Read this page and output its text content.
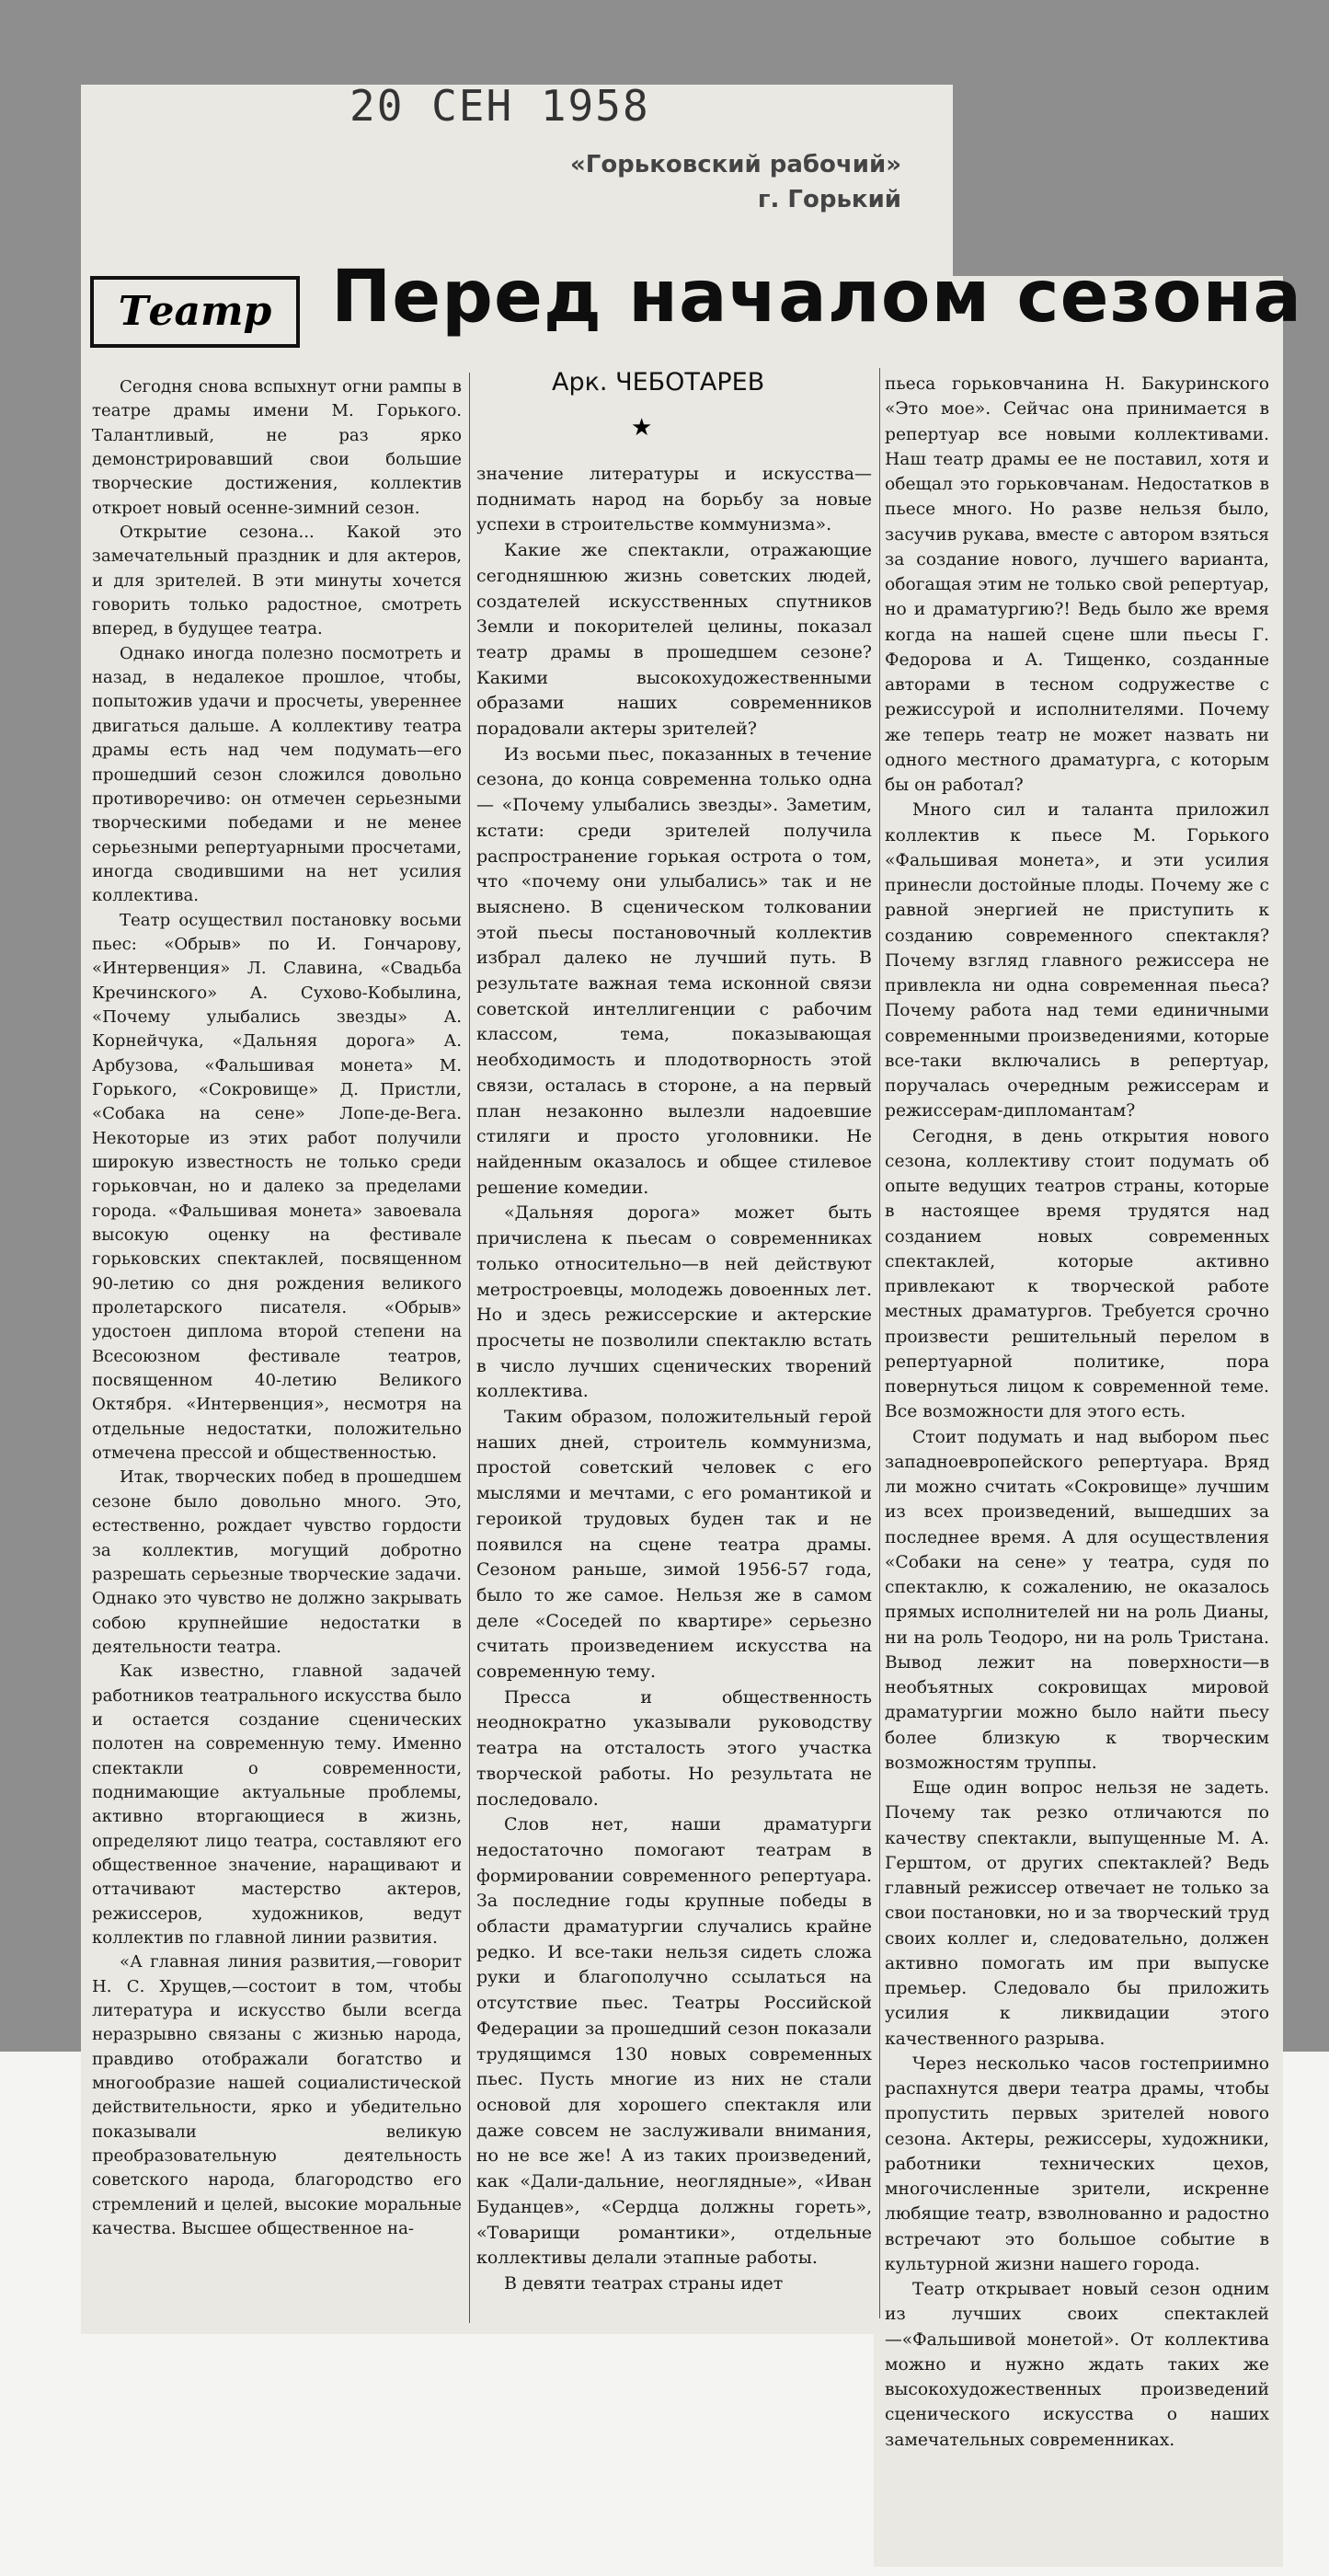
20 СЕН 1958
«Горьковский рабочий»
г. Горький
Театр Перед началом сезона
Арк. ЧЕБОТАРЕВ
★

Сегодня снова вспыхнут огни рампы в театре драмы имени М. Горького. Талантливый, не раз ярко демонстрировавший свои большие творческие достижения, коллектив откроет новый осенне-зимний сезон.

Открытие сезона... Какой это замечательный праздник и для актеров, и для зрителей. В эти минуты хочется говорить только радостное, смотреть вперед, в будущее театра.

Однако иногда полезно посмотреть и назад, в недалекое прошлое, чтобы, попытожив удачи и просчеты, увереннее двигаться дальше. А коллективу театра драмы есть над чем подумать—его прошедший сезон сложился довольно противоречиво: он отмечен серьезными творческими победами и не менее серьезными репертуарными просчетами, иногда сводившими на нет усилия коллектива.

Театр осуществил постановку восьми пьес: «Обрыв» по И. Гончарову, «Интервенция» Л. Славина, «Свадьба Кречинского» А. Сухово-Кобылина, «Почему улыбались звезды» А. Корнейчука, «Дальняя дорога» А. Арбузова, «Фальшивая монета» М. Горького, «Сокровище» Д. Пристли, «Собака на сене» Лопе-де-Вега. Некоторые из этих работ получили широкую известность не только среди горьковчан, но и далеко за пределами города. «Фальшивая монета» завоевала высокую оценку на фестивале горьковских спектаклей, посвященном 90-летию со дня рождения великого пролетарского писателя. «Обрыв» удостоен диплома второй степени на Всесоюзном фестивале театров, посвященном 40-летию Великого Октября. «Интервенция», несмотря на отдельные недостатки, положительно отмечена прессой и общественностью.

Итак, творческих побед в прошедшем сезоне было довольно много. Это, естественно, рождает чувство гордости за коллектив, могущий добротно разрешать серьезные творческие задачи. Однако это чувство не должно закрывать собою крупнейшие недостатки в деятельности театра.

Как известно, главной задачей работников театрального искусства было и остается создание сценических полотен на современную тему. Именно спектакли о современности, поднимающие актуальные проблемы, активно вторгающиеся в жизнь, определяют лицо театра, составляют его общественное значение, наращивают и оттачивают мастерство актеров, режиссеров, художников, ведут коллектив по главной линии развития.

«А главная линия развития,—говорит Н. С. Хрущев,—состоит в том, чтобы литература и искусство были всегда неразрывно связаны с жизнью народа, правдиво отображали богатство и многообразие нашей социалистической действительности, ярко и убедительно показывали великую преобразовательную деятельность советского народа, благородство его стремлений и целей, высокие моральные качества. Высшее общественное на-

значение литературы и искусства—поднимать народ на борьбу за новые успехи в строительстве коммунизма».

Какие же спектакли, отражающие сегодняшнюю жизнь советских людей, создателей искусственных спутников Земли и покорителей целины, показал театр драмы в прошедшем сезоне? Какими высокохудожественными образами наших современников порадовали актеры зрителей?

Из восьми пьес, показанных в течение сезона, до конца современна только одна — «Почему улыбались звезды». Заметим, кстати: среди зрителей получила распространение горькая острота о том, что «почему они улыбались» так и не выяснено. В сценическом толковании этой пьесы постановочный коллектив избрал далеко не лучший путь. В результате важная тема исконной связи советской интеллигенции с рабочим классом, тема, показывающая необходимость и плодотворность этой связи, осталась в стороне, а на первый план незаконно вылезли надоевшие стиляги и просто уголовники. Не найденным оказалось и общее стилевое решение комедии.

«Дальняя дорога» может быть причислена к пьесам о современниках только относительно—в ней действуют метростроевцы, молодежь довоенных лет. Но и здесь режиссерские и актерские просчеты не позволили спектаклю встать в число лучших сценических творений коллектива.

Таким образом, положительный герой наших дней, строитель коммунизма, простой советский человек с его мыслями и мечтами, с его романтикой и героикой трудовых буден так и не появился на сцене театра драмы. Сезоном раньше, зимой 1956-57 года, было то же самое. Нельзя же в самом деле «Соседей по квартире» серьезно считать произведением искусства на современную тему.

Пресса и общественность неоднократно указывали руководству театра на отсталость этого участка творческой работы. Но результата не последовало.

Слов нет, наши драматурги недостаточно помогают театрам в формировании современного репертуара. За последние годы крупные победы в области драматургии случались крайне редко. И все-таки нельзя сидеть сложа руки и благополучно ссылаться на отсутствие пьес. Театры Российской Федерации за прошедший сезон показали трудящимся 130 новых современных пьес. Пусть многие из них не стали основой для хорошего спектакля или даже совсем не заслуживали внимания, но не все же! А из таких произведений, как «Дали-дальние, неоглядные», «Иван Буданцев», «Сердца должны гореть», «Товарищи романтики», отдельные коллективы делали этапные работы.

В девяти театрах страны идет

пьеса горьковчанина Н. Бакуринского «Это мое». Сейчас она принимается в репертуар все новыми коллективами. Наш театр драмы ее не поставил, хотя и обещал это горьковчанам. Недостатков в пьесе много. Но разве нельзя было, засучив рукава, вместе с автором взяться за создание нового, лучшего варианта, обогащая этим не только свой репертуар, но и драматургию?! Ведь было же время когда на нашей сцене шли пьесы Г. Федорова и А. Тищенко, созданные авторами в тесном содружестве с режиссурой и исполнителями. Почему же теперь театр не может назвать ни одного местного драматурга, с которым бы он работал?

Много сил и таланта приложил коллектив к пьесе М. Горького «Фальшивая монета», и эти усилия принесли достойные плоды. Почему же с равной энергией не приступить к созданию современного спектакля? Почему взгляд главного режиссера не привлекла ни одна современная пьеса? Почему работа над теми единичными современными произведениями, которые все-таки включались в репертуар, поручалась очередным режиссерам и режиссерам-дипломантам?

Сегодня, в день открытия нового сезона, коллективу стоит подумать об опыте ведущих театров страны, которые в настоящее время трудятся над созданием новых современных спектаклей, которые активно привлекают к творческой работе местных драматургов. Требуется срочно произвести решительный перелом в репертуарной политике, пора повернуться лицом к современной теме. Все возможности для этого есть.

Стоит подумать и над выбором пьес западноевропейского репертуара. Вряд ли можно считать «Сокровище» лучшим из всех произведений, вышедших за последнее время. А для осуществления «Собаки на сене» у театра, судя по спектаклю, к сожалению, не оказалось прямых исполнителей ни на роль Дианы, ни на роль Теодоро, ни на роль Тристана. Вывод лежит на поверхности—в необъятных сокровищах мировой драматургии можно было найти пьесу более близкую к творческим возможностям труппы.

Еще один вопрос нельзя не задеть. Почему так резко отличаются по качеству спектакли, выпущенные М. А. Герштом, от других спектаклей? Ведь главный режиссер отвечает не только за свои постановки, но и за творческий труд своих коллег и, следовательно, должен активно помогать им при выпуске премьер. Следовало бы приложить усилия к ликвидации этого качественного разрыва.

Через несколько часов гостеприимно распахнутся двери театра драмы, чтобы пропустить первых зрителей нового сезона. Актеры, режиссеры, художники, работники технических цехов, многочисленные зрители, искренне любящие театр, взволнованно и радостно встречают это большое событие в культурной жизни нашего города.

Театр открывает новый сезон одним из лучших своих спектаклей—«Фальшивой монетой». От коллектива можно и нужно ждать таких же высокохудожественных произведений сценического искусства о наших замечательных современниках.
